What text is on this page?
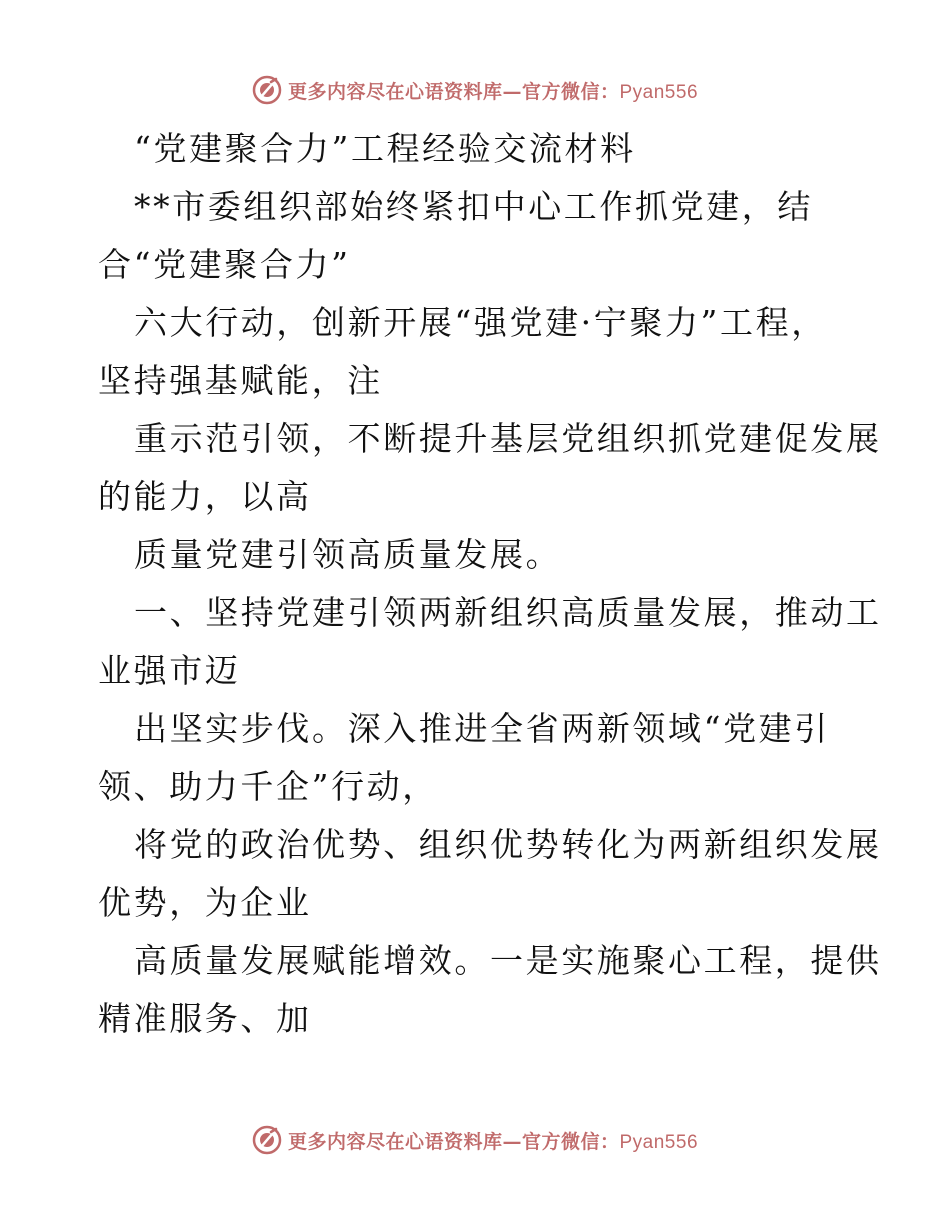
更多内容尽在心语资料库—官方微信：Pyan556
“党建聚合力”工程经验交流材料
**市委组织部始终紧扣中心工作抓党建，结
合“党建聚合力”
六大行动，创新开展“强党建·宁聚力”工程，
坚持强基赋能，注
重示范引领，不断提升基层党组织抓党建促发展
的能力，以高
质量党建引领高质量发展。
一、坚持党建引领两新组织高质量发展，推动工
业强市迈
出坚实步伐。深入推进全省两新领域“党建引
领、助力千企”行动，
将党的政治优势、组织优势转化为两新组织发展
优势，为企业
高质量发展赋能增效。一是实施聚心工程，提供
精准服务、加
更多内容尽在心语资料库—官方微信：Pyan556
